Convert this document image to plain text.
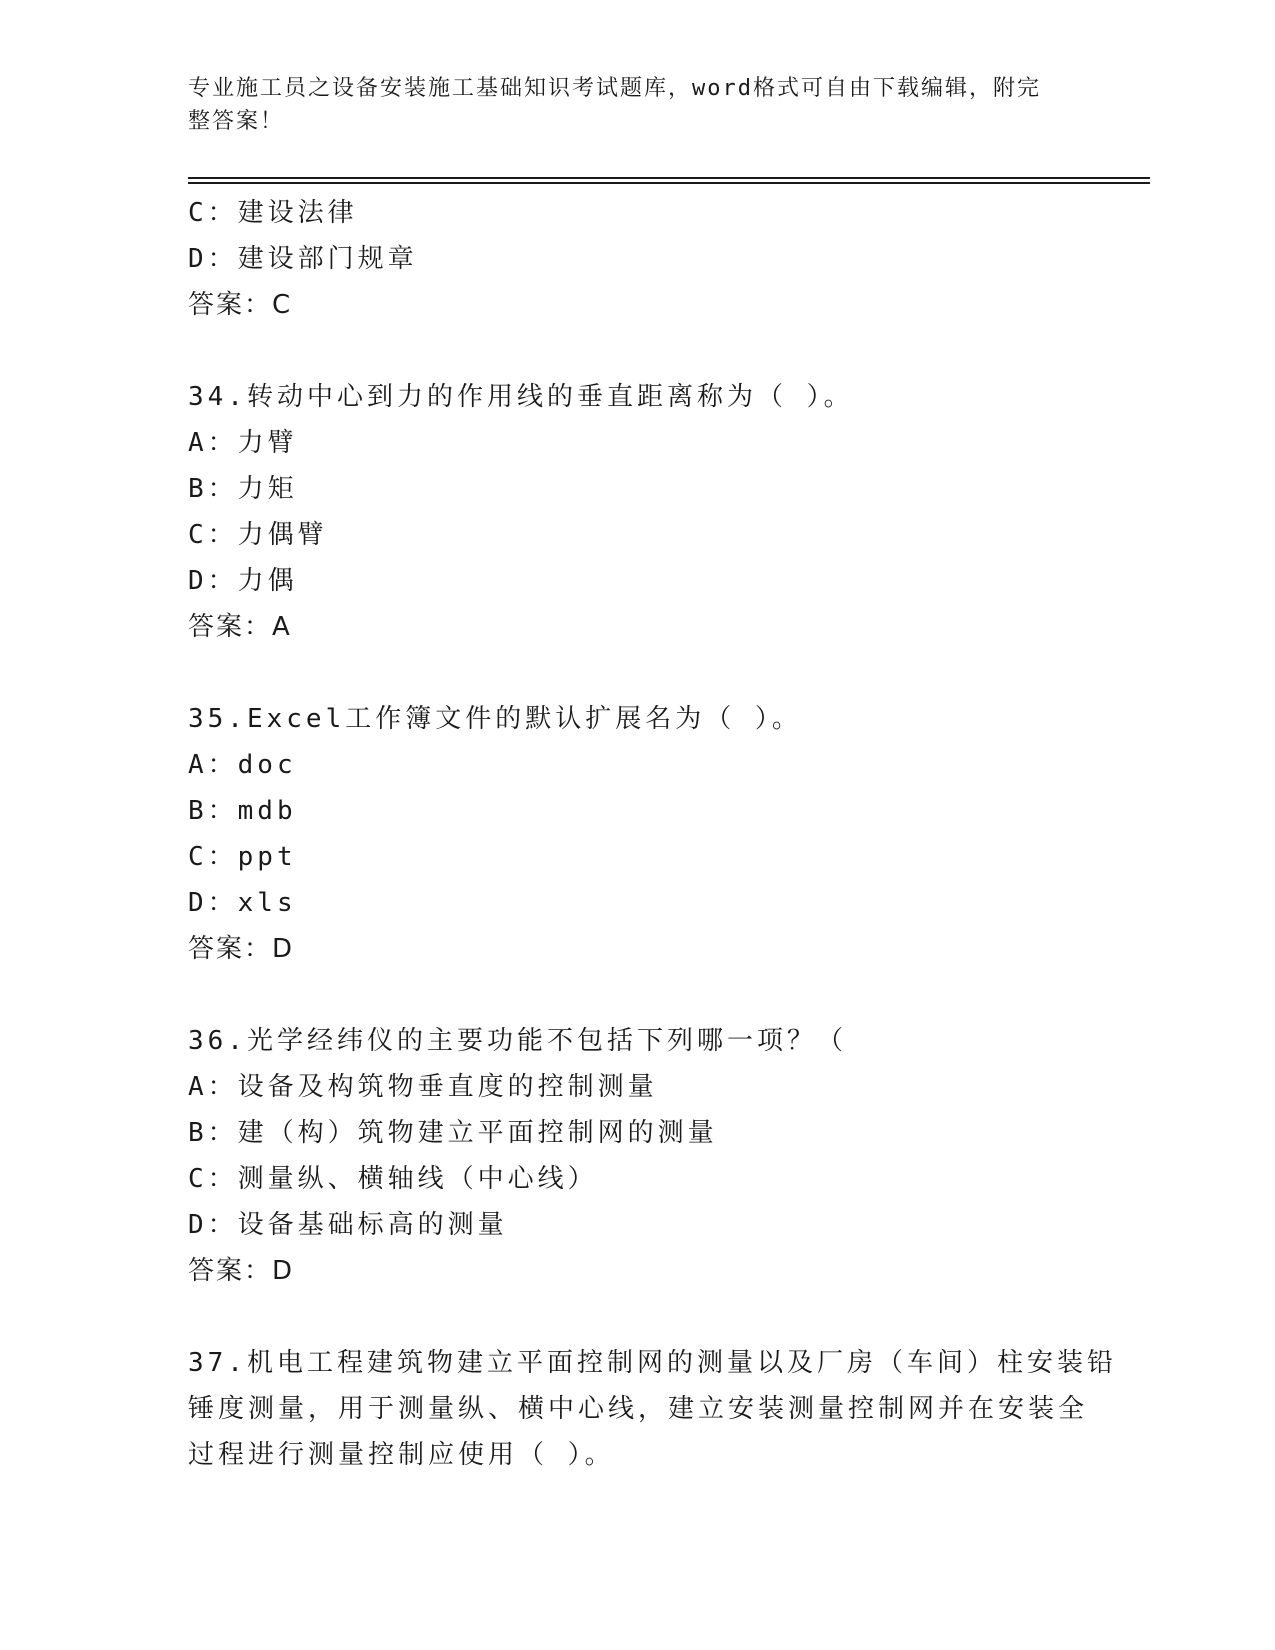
专业施工员之设备安装施工基础知识考试题库，word格式可自由下载编辑，附完
整答案！
C：建设法律
D：建设部门规章
答案：C
34.转动中心到力的作用线的垂直距离称为（ ）。
A：力臂
B：力矩
C：力偶臂
D：力偶
答案：A
35.Excel工作簿文件的默认扩展名为（ ）。
A：doc
B：mdb
C：ppt
D：xls
答案：D
36.光学经纬仪的主要功能不包括下列哪一项？（
A：设备及构筑物垂直度的控制测量
B：建（构）筑物建立平面控制网的测量
C：测量纵、横轴线（中心线）
D：设备基础标高的测量
答案：D
37.机电工程建筑物建立平面控制网的测量以及厂房（车间）柱安装铅
锤度测量，用于测量纵、横中心线，建立安装测量控制网并在安装全
过程进行测量控制应使用（ ）。
